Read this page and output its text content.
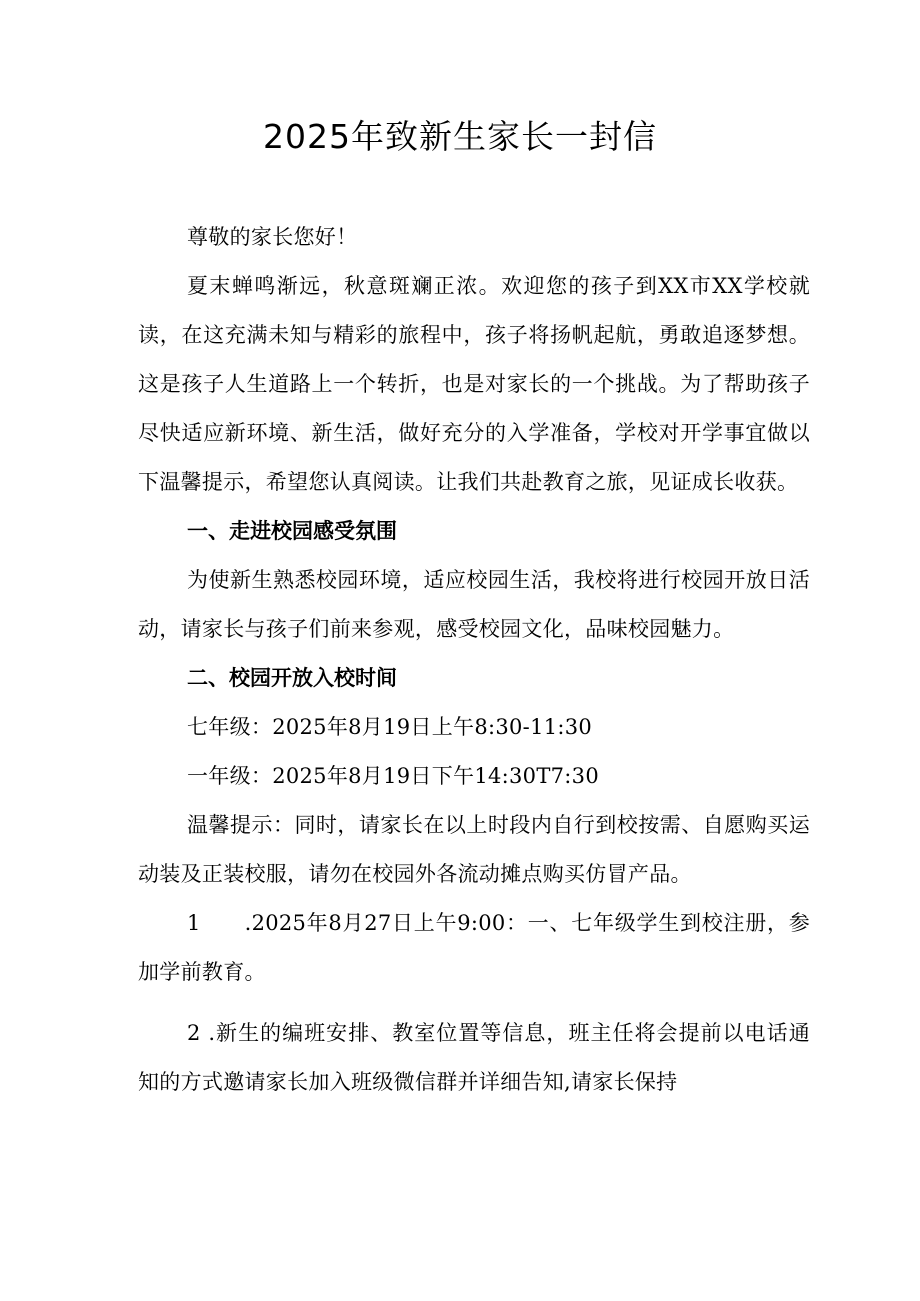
2025年致新生家长一封信

尊敬的家长您好！

夏末蝉鸣渐远，秋意斑斓正浓。欢迎您的孩子到XX市XX学校就读，在这充满未知与精彩的旅程中，孩子将扬帆起航，勇敢追逐梦想。这是孩子人生道路上一个转折，也是对家长的一个挑战。为了帮助孩子尽快适应新环境、新生活，做好充分的入学准备，学校对开学事宜做以下温馨提示，希望您认真阅读。让我们共赴教育之旅，见证成长收获。

一、走进校园感受氛围

为使新生熟悉校园环境，适应校园生活，我校将进行校园开放日活动，请家长与孩子们前来参观，感受校园文化，品味校园魅力。

二、校园开放入校时间

七年级：2025年8月19日上午8:30-11:30

一年级：2025年8月19日下午14:30T7:30

温馨提示：同时，请家长在以上时段内自行到校按需、自愿购买运动装及正装校服，请勿在校园外各流动摊点购买仿冒产品。

1　　.2025年8月27日上午9:00：一、七年级学生到校注册，参加学前教育。

2 .新生的编班安排、教室位置等信息，班主任将会提前以电话通知的方式邀请家长加入班级微信群并详细告知,请家长保持
